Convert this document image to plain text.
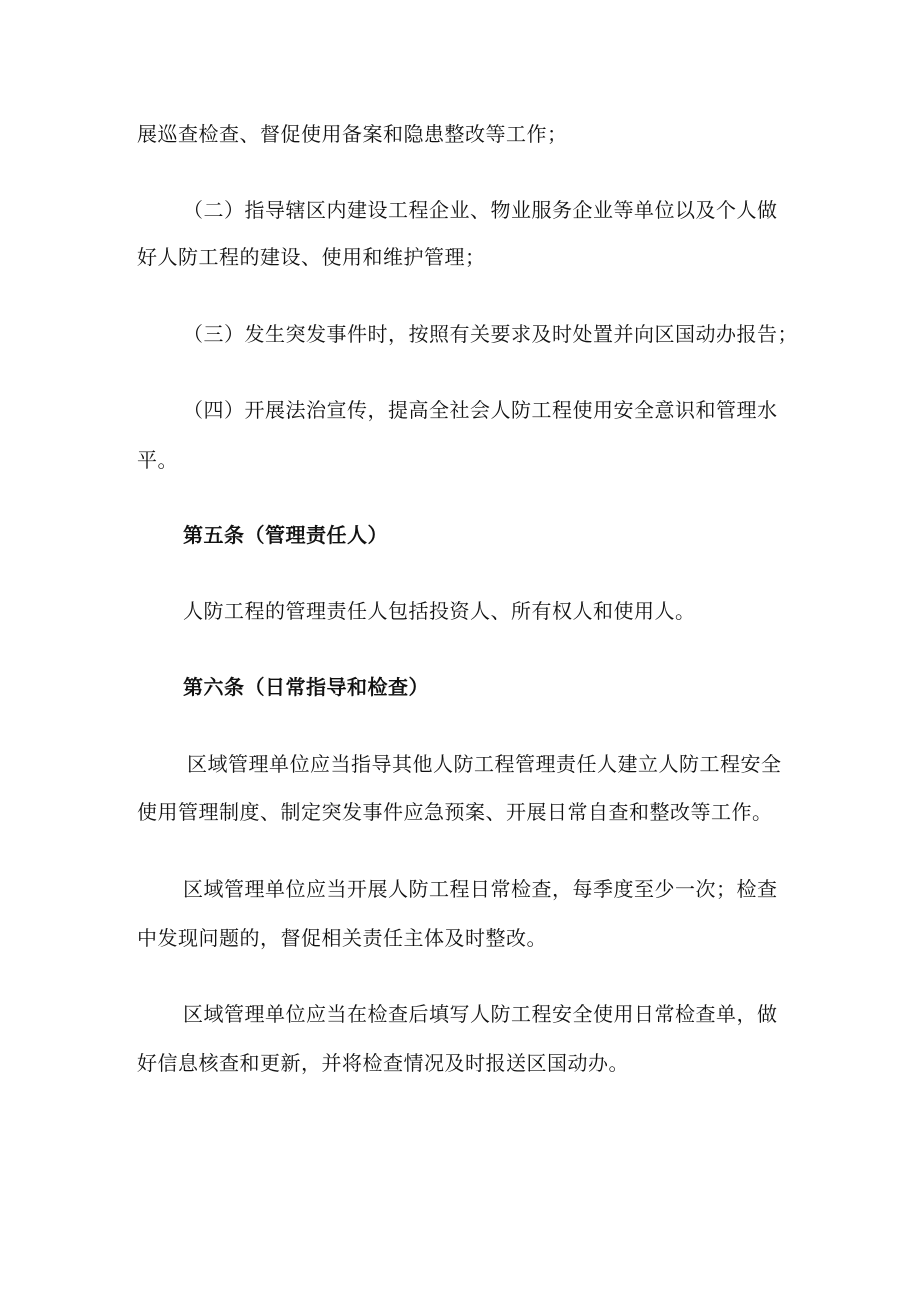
展巡查检查、督促使用备案和隐患整改等工作；
（二）指导辖区内建设工程企业、物业服务企业等单位以及个人做
好人防工程的建设、使用和维护管理；
（三）发生突发事件时，按照有关要求及时处置并向区国动办报告；
（四）开展法治宣传，提高全社会人防工程使用安全意识和管理水
平。
第五条（管理责任人）
人防工程的管理责任人包括投资人、所有权人和使用人。
第六条（日常指导和检查）
区域管理单位应当指导其他人防工程管理责任人建立人防工程安全
使用管理制度、制定突发事件应急预案、开展日常自查和整改等工作。
区域管理单位应当开展人防工程日常检查，每季度至少一次；检查
中发现问题的，督促相关责任主体及时整改。
区域管理单位应当在检查后填写人防工程安全使用日常检查单，做
好信息核查和更新，并将检查情况及时报送区国动办。
